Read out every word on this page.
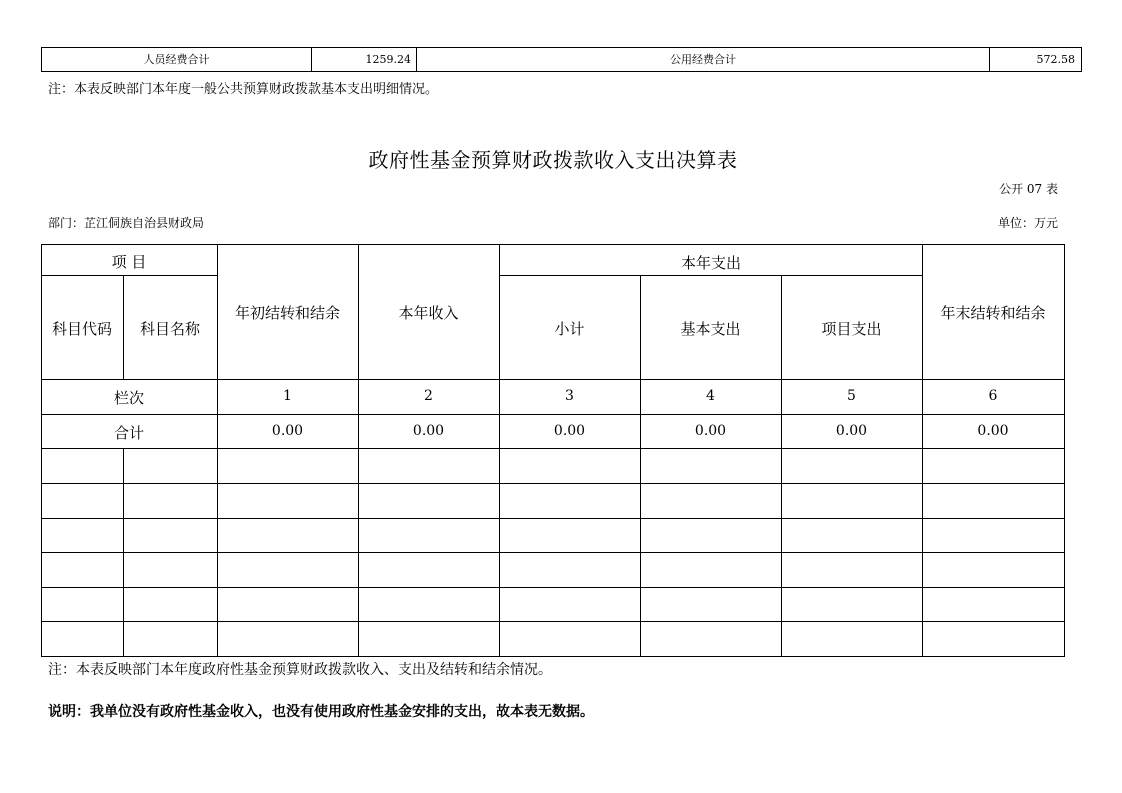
人员经费合计	1259.24	公用经费合计	572.58
注：本表反映部门本年度一般公共预算财政拨款基本支出明细情况。
政府性基金预算财政拨款收入支出决算表
公开 07 表
部门：芷江侗族自治县财政局	单位：万元
项 目
科目代码	科目名称
年初结转和结余	本年收入
本年支出
小计	基本支出	项目支出
年末结转和结余
栏次	1	2	3	4	5	6
合计	0.00	0.00	0.00	0.00	0.00	0.00
注：本表反映部门本年度政府性基金预算财政拨款收入、支出及结转和结余情况。
说明：我单位没有政府性基金收入，也没有使用政府性基金安排的支出，故本表无数据。
